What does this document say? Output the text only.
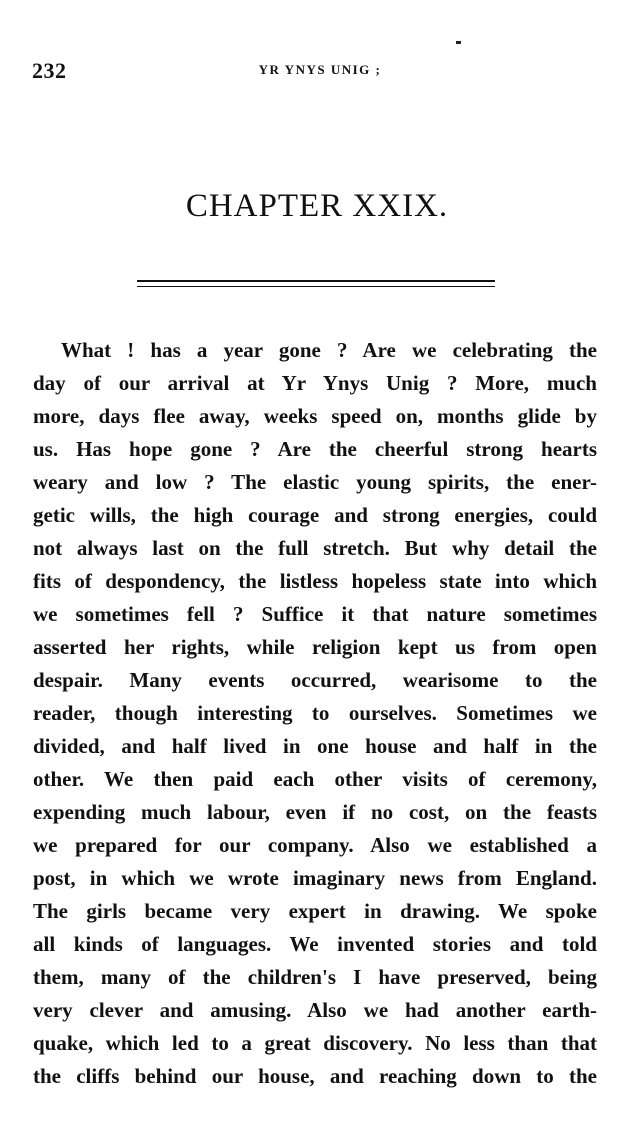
232	YR YNYS UNIG ;
CHAPTER XXIX.
What ! has a year gone ? Are we celebrating the
day of our arrival at Yr Ynys Unig ? More, much
more, days flee away, weeks speed on, months glide by
us. Has hope gone ? Are the cheerful strong hearts
weary and low ? The elastic young spirits, the ener-
getic wills, the high courage and strong energies, could
not always last on the full stretch. But why detail the
fits of despondency, the listless hopeless state into which
we sometimes fell ? Suffice it that nature sometimes
asserted her rights, while religion kept us from open
despair. Many events occurred, wearisome to the
reader, though interesting to ourselves. Sometimes we
divided, and half lived in one house and half in the
other. We then paid each other visits of ceremony,
expending much labour, even if no cost, on the feasts
we prepared for our company. Also we established a
post, in which we wrote imaginary news from England.
The girls became very expert in drawing. We spoke
all kinds of languages. We invented stories and told
them, many of the children's I have preserved, being
very clever and amusing. Also we had another earth-
quake, which led to a great discovery. No less than that
the cliffs behind our house, and reaching down to the
